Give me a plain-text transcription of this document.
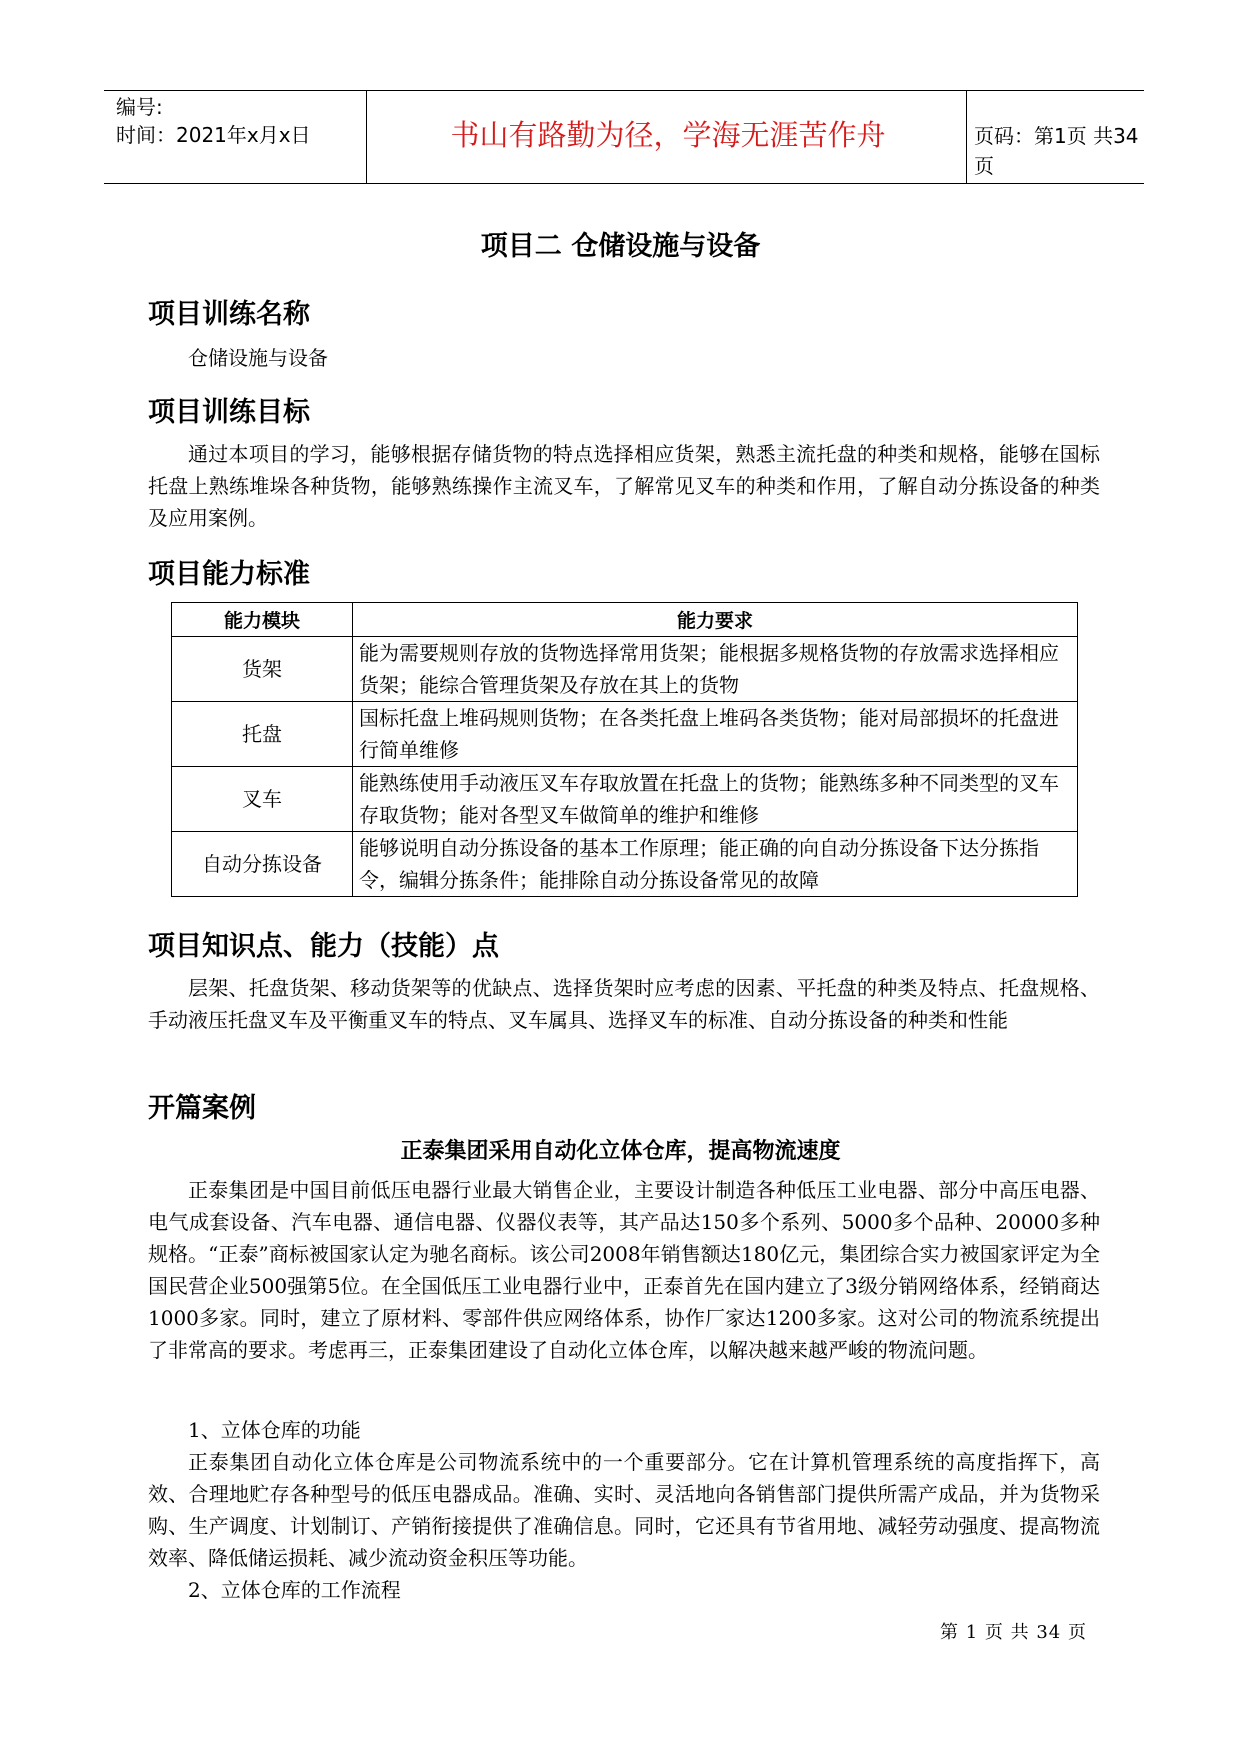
编号:
时间：2021年x月x日	书山有路勤为径，学海无涯苦作舟	页码：第1页 共34页
项目二 仓储设施与设备
项目训练名称
仓储设施与设备
项目训练目标

通过本项目的学习，能够根据存储货物的特点选择相应货架，熟悉主流托盘的种类和规格，能够在国标托盘上熟练堆垛各种货物，能够熟练操作主流叉车，了解常见叉车的种类和作用，了解自动分拣设备的种类及应用案例。

项目能力标准
能力模块	能力要求
货架	能为需要规则存放的货物选择常用货架；能根据多规格货物的存放需求选择相应货架；能综合管理货架及存放在其上的货物
托盘	国标托盘上堆码规则货物；在各类托盘上堆码各类货物；能对局部损坏的托盘进行简单维修
叉车	能熟练使用手动液压叉车存取放置在托盘上的货物；能熟练多种不同类型的叉车存取货物；能对各型叉车做简单的维护和维修
自动分拣设备	能够说明自动分拣设备的基本工作原理；能正确的向自动分拣设备下达分拣指令，编辑分拣条件；能排除自动分拣设备常见的故障
项目知识点、能力（技能）点

层架、托盘货架、移动货架等的优缺点、选择货架时应考虑的因素、平托盘的种类及特点、托盘规格、手动液压托盘叉车及平衡重叉车的特点、叉车属具、选择叉车的标准、自动分拣设备的种类和性能

开篇案例
正泰集团采用自动化立体仓库，提高物流速度

正泰集团是中国目前低压电器行业最大销售企业，主要设计制造各种低压工业电器、部分中高压电器、电气成套设备、汽车电器、通信电器、仪器仪表等，其产品达150多个系列、5000多个品种、20000多种规格。“正泰”商标被国家认定为驰名商标。该公司2008年销售额达180亿元，集团综合实力被国家评定为全国民营企业500强第5位。在全国低压工业电器行业中，正泰首先在国内建立了3级分销网络体系，经销商达1000多家。同时，建立了原材料、零部件供应网络体系，协作厂家达1200多家。这对公司的物流系统提出了非常高的要求。考虑再三，正泰集团建设了自动化立体仓库，以解决越来越严峻的物流问题。

1、立体仓库的功能

正泰集团自动化立体仓库是公司物流系统中的一个重要部分。它在计算机管理系统的高度指挥下，高效、合理地贮存各种型号的低压电器成品。准确、实时、灵活地向各销售部门提供所需产成品，并为货物采购、生产调度、计划制订、产销衔接提供了准确信息。同时，它还具有节省用地、减轻劳动强度、提高物流效率、降低储运损耗、减少流动资金积压等功能。

2、立体仓库的工作流程
第 1 页 共 34 页
